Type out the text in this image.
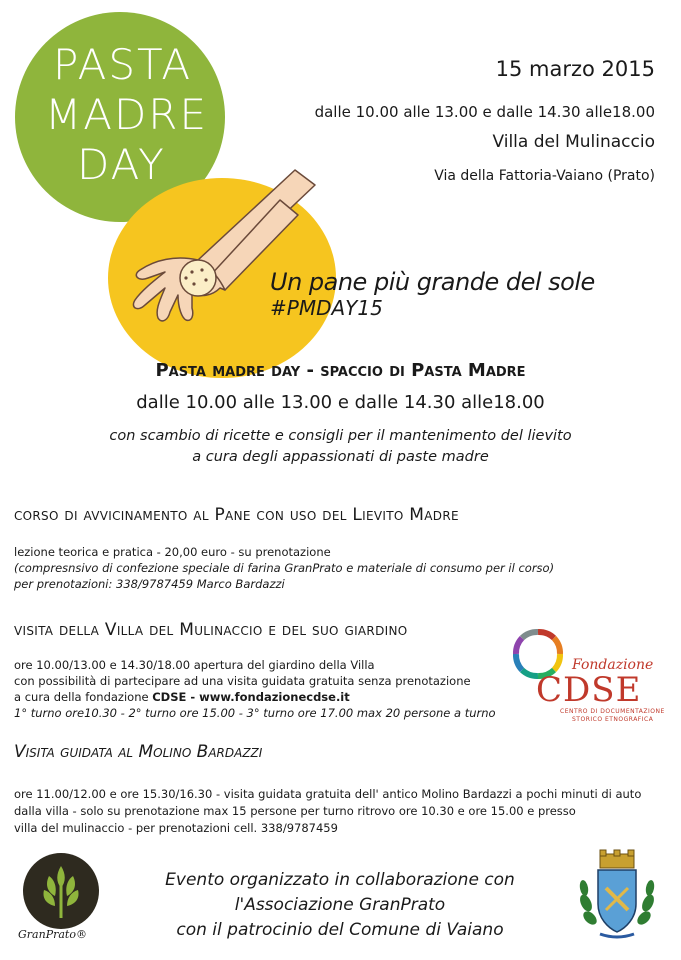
PASTA
MADRE
DAY
15 marzo 2015
dalle 10.00 alle 13.00 e dalle 14.30 alle18.00
Villa del Mulinaccio
Via della Fattoria-Vaiano (Prato)
Un pane più grande del sole
#PMDAY15
Pasta madre day - spaccio di Pasta Madre
dalle 10.00 alle 13.00 e dalle 14.30 alle18.00
con scambio di ricette e consigli per il mantenimento del lievito
a cura degli appassionati di paste madre
corso di avvicinamento al Pane con uso del Lievito Madre
lezione teorica e pratica - 20,00 euro - su prenotazione
(compresnsivo di confezione speciale di farina GranPrato e materiale di consumo per il corso)
per prenotazioni: 338/9787459 Marco Bardazzi
visita della Villa del Mulinaccio e del suo giardino
ore 10.00/13.00 e 14.30/18.00 apertura del giardino della Villa
con possibilità di partecipare ad una visita guidata gratuita senza prenotazione
a cura della fondazione CDSE - www.fondazionecdse.it
1° turno ore10.30 - 2° turno ore 15.00 - 3° turno ore 17.00 max 20 persone a turno
Fondazione
CDSE
CENTRO DI DOCUMENTAZIONE
STORICO ETNOGRAFICA
Visita guidata al Molino Bardazzi
ore 11.00/12.00 e ore 15.30/16.30 - visita guidata gratuita dell' antico Molino Bardazzi a pochi minuti di auto
dalla villa - solo su prenotazione max 15 persone per turno ritrovo ore 10.30 e ore 15.00 e presso
villa del mulinaccio - per prenotazioni cell. 338/9787459
GranPrato®
Evento organizzato in collaborazione con
l'Associazione GranPrato
con il patrocinio del Comune di Vaiano
